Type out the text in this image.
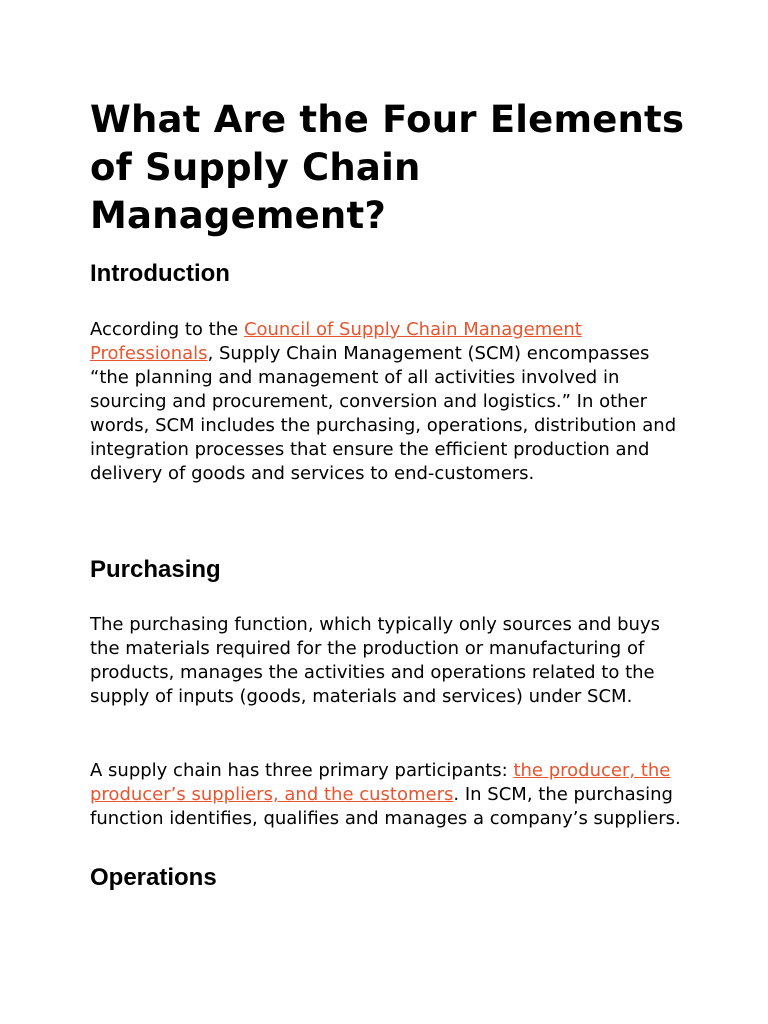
What Are the Four Elements of Supply Chain Management?
Introduction

According to the Council of Supply Chain Management Professionals, Supply Chain Management (SCM) encompasses “the planning and management of all activities involved in sourcing and procurement, conversion and logistics.” In other words, SCM includes the purchasing, operations, distribution and integration processes that ensure the efficient production and delivery of goods and services to end-customers.

Purchasing

The purchasing function, which typically only sources and buys the materials required for the production or manufacturing of products, manages the activities and operations related to the supply of inputs (goods, materials and services) under SCM.

A supply chain has three primary participants: the producer, the producer’s suppliers, and the customers. In SCM, the purchasing function identifies, qualifies and manages a company’s suppliers.

Operations
